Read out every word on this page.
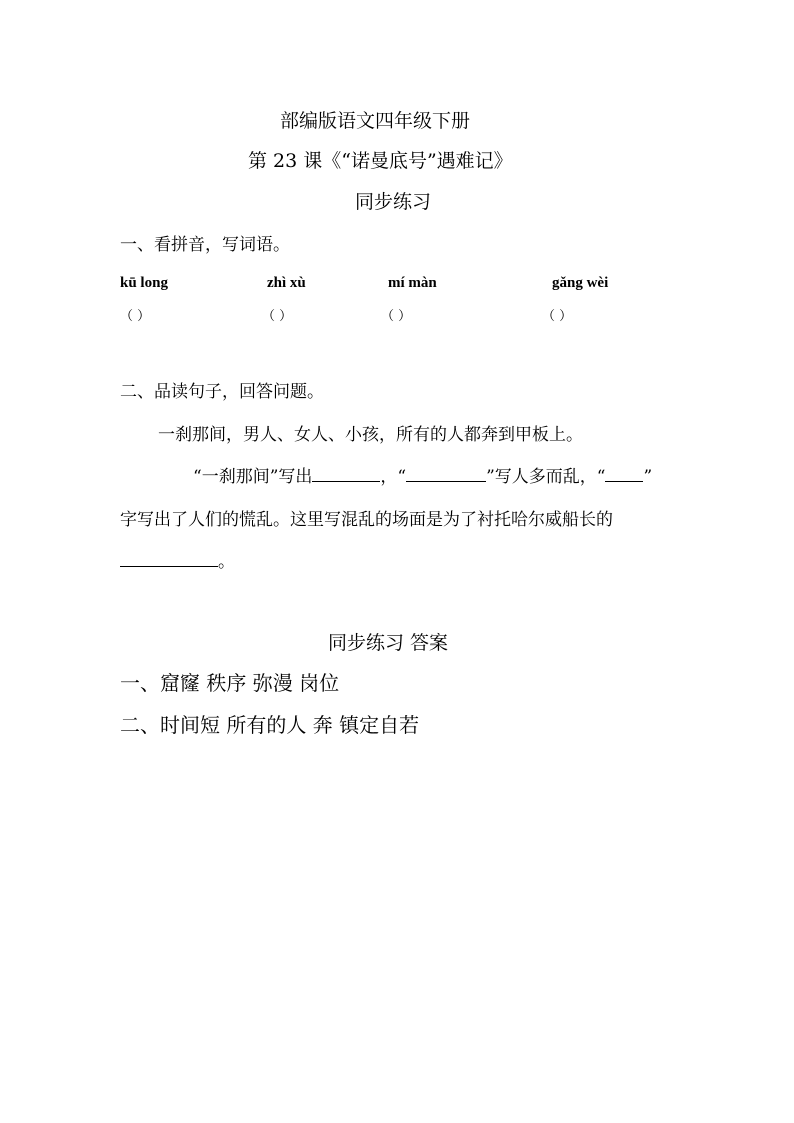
部编版语文四年级下册
第 23 课《“诺曼底号”遇难记》
同步练习
一、看拼音，写词语。
kū long	zhì xù	mí màn	gǎng wèi
（ ）	（ ）	（ ）	（ ）
二、品读句子，回答问题。
一刹那间，男人、女人、小孩，所有的人都奔到甲板上。
“一刹那间”写出	，“	”写人多而乱，“ ”
字写出了人们的慌乱。这里写混乱的场面是为了衬托哈尔威船长的
。
同步练习 答案
一、窟窿 秩序 弥漫 岗位
二、时间短 所有的人 奔 镇定自若
